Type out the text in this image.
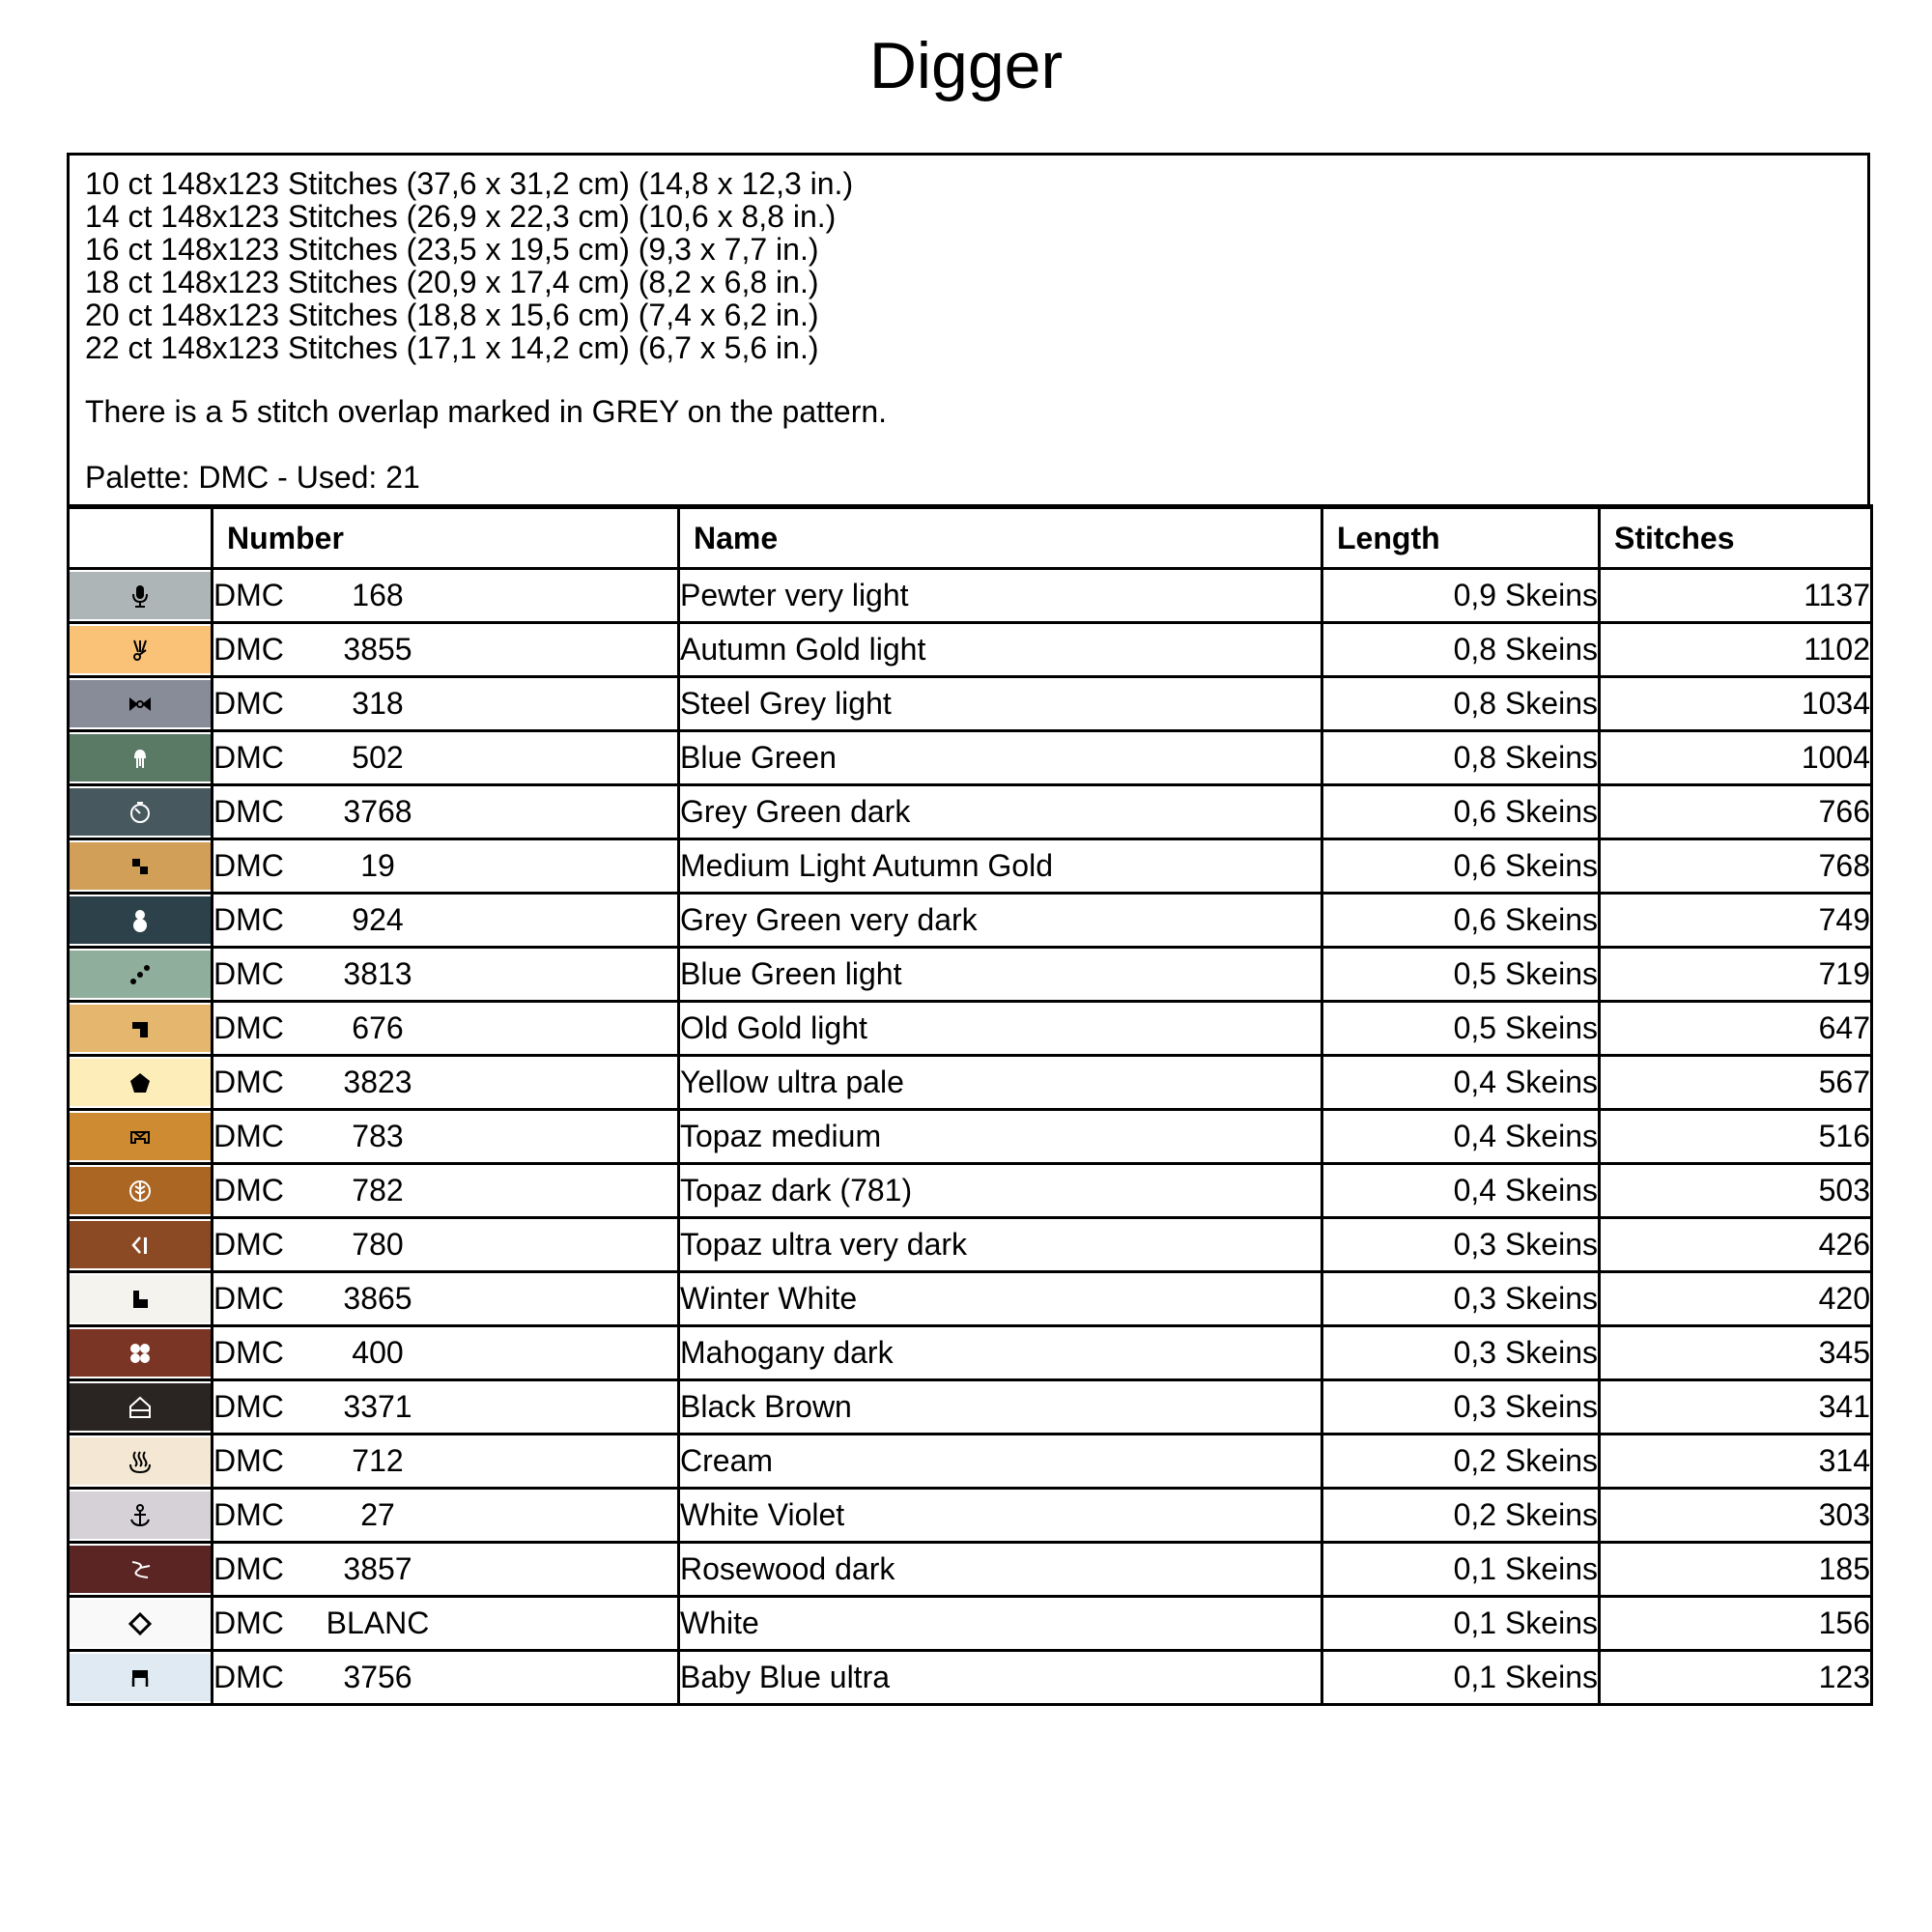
Digger
10 ct 148x123 Stitches (37,6 x 31,2 cm) (14,8 x 12,3 in.)
14 ct 148x123 Stitches (26,9 x 22,3 cm) (10,6 x 8,8 in.)
16 ct 148x123 Stitches (23,5 x 19,5 cm) (9,3 x 7,7 in.)
18 ct 148x123 Stitches (20,9 x 17,4 cm) (8,2 x 6,8 in.)
20 ct 148x123 Stitches (18,8 x 15,6 cm) (7,4 x 6,2 in.)
22 ct 148x123 Stitches (17,1 x 14,2 cm) (6,7 x 5,6 in.)
There is a 5 stitch overlap marked in GREY on the pattern.
Palette: DMC - Used: 21
	Number	Name	Length	Stitches

	DMC 168	Pewter very light	0,9 Skeins	1137

	DMC 3855	Autumn Gold light	0,8 Skeins	1102

	DMC 318	Steel Grey light	0,8 Skeins	1034

	DMC 502	Blue Green	0,8 Skeins	1004

	DMC 3768	Grey Green dark	0,6 Skeins	766

	DMC 19	Medium Light Autumn Gold	0,6 Skeins	768

	DMC 924	Grey Green very dark	0,6 Skeins	749

	DMC 3813	Blue Green light	0,5 Skeins	719

	DMC 676	Old Gold light	0,5 Skeins	647

	DMC 3823	Yellow ultra pale	0,4 Skeins	567

	DMC 783	Topaz medium	0,4 Skeins	516

	DMC 782	Topaz dark (781)	0,4 Skeins	503

	DMC 780	Topaz ultra very dark	0,3 Skeins	426

	DMC 3865	Winter White	0,3 Skeins	420

	DMC 400	Mahogany dark	0,3 Skeins	345

	DMC 3371	Black Brown	0,3 Skeins	341

	DMC 712	Cream	0,2 Skeins	314

	DMC 27	White Violet	0,2 Skeins	303

	DMC 3857	Rosewood dark	0,1 Skeins	185

	DMC BLANC	White	0,1 Skeins	156

	DMC 3756	Baby Blue ultra	0,1 Skeins	123
